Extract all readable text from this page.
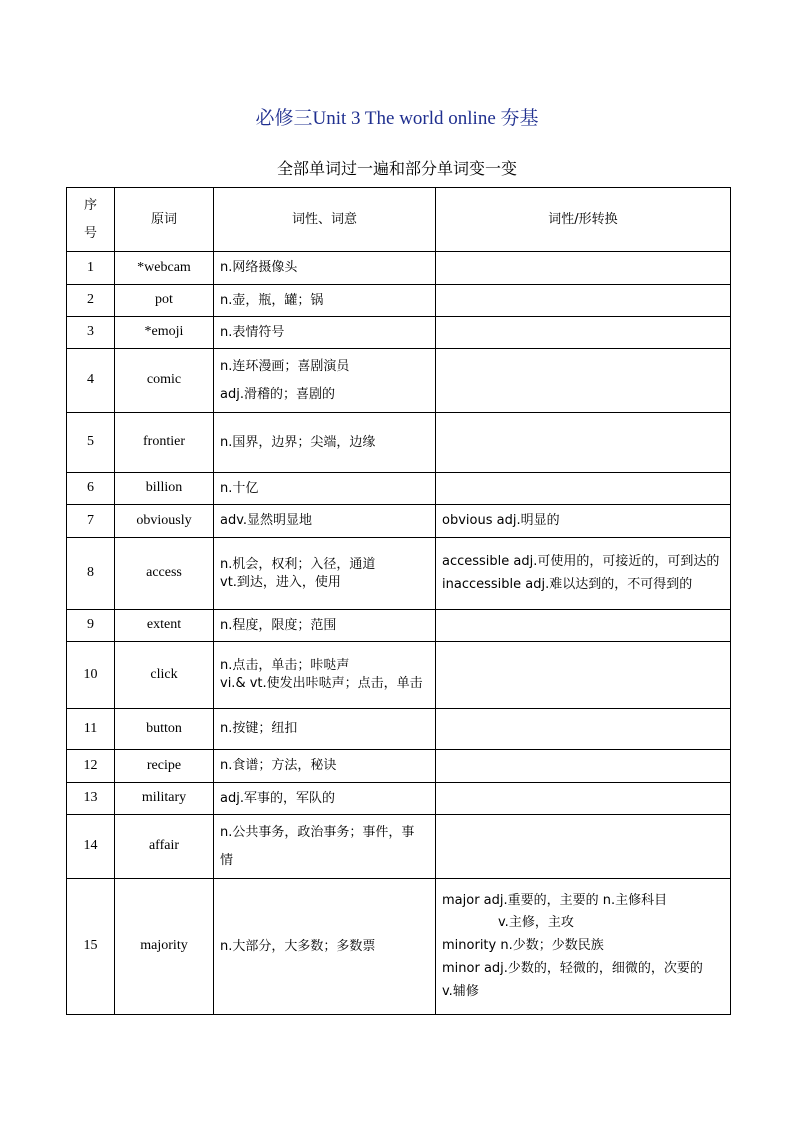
必修三Unit 3 The world online 夯基
全部单词过一遍和部分单词变一变
序
号	原词	词性、词意	词性/形转换
1	*webcam	n.网络摄像头	

2	pot	n.壶，瓶，罐；锅	

3	*emoji	n.表情符号	

4	comic	n.连环漫画；喜剧演员
adj.滑稽的；喜剧的	

5	frontier	n.国界，边界；尖端，边缘	

6	billion	n.十亿	

7	obviously	adv.显然明显地	obvious adj.明显的

8	access	n.机会，权利；入径，通道
vt.到达，进入，使用	accessible adj.可使用的，可接近的，可到达的
inaccessible adj.难以达到的，不可得到的

9	extent	n.程度，限度；范围	

10	click	n.点击，单击；咔哒声
vi.& vt.使发出咔哒声；点击，单击	

11	button	n.按键；纽扣	

12	recipe	n.食谱；方法，秘诀	

13	military	adj.军事的，军队的	

14	affair	n.公共事务，政治事务；事件，事
情	

15	majority	n.大部分，大多数；多数票	major adj.重要的，主要的 n.主修科目
v.主修，主攻
minority n.少数；少数民族
minor adj.少数的，轻微的，细微的，次要的
v.辅修
